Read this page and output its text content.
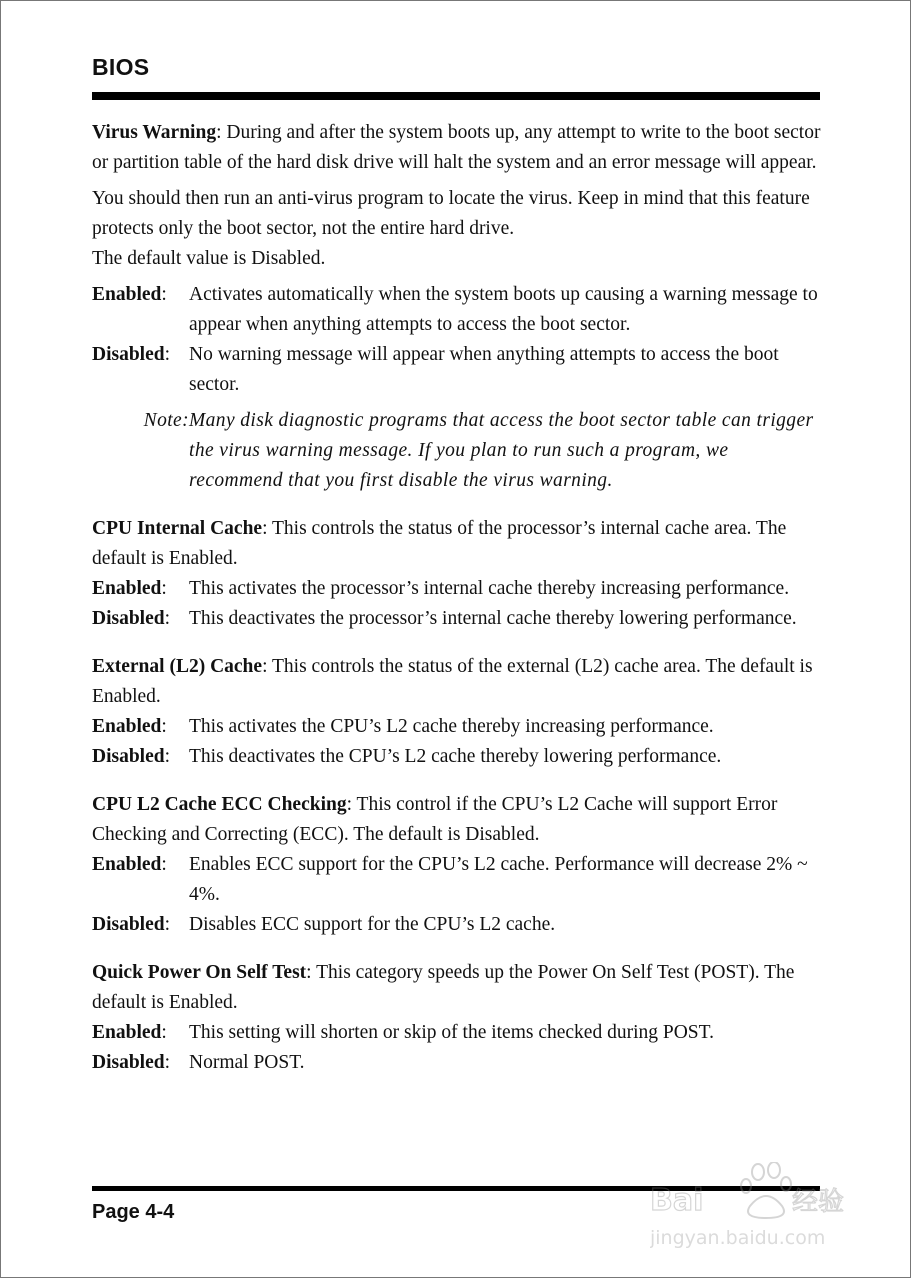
BIOS

Virus Warning: During and after the system boots up, any attempt to write to the boot sector or partition table of the hard disk drive will halt the system and an error message will appear.

You should then run an anti-virus program to locate the virus. Keep in mind that this feature protects only the boot sector, not the entire hard drive.

The default value is Disabled.

Enabled:	Activates automatically when the system boots up causing a warning message to appear when anything attempts to access the boot sector.
Disabled: No warning message will appear when anything attempts to access the boot sector.
Note: Many disk diagnostic programs that access the boot sector table can trigger the virus warning message. If you plan to run such a program, we recommend that you first disable the virus warning.

CPU Internal Cache: This controls the status of the processor’s internal cache area. The default is Enabled.

Enabled:	This activates the processor’s internal cache thereby increasing performance.
Disabled: This deactivates the processor’s internal cache thereby lowering performance.

External (L2) Cache: This controls the status of the external (L2) cache area. The default is Enabled.

Enabled:	This activates the CPU’s L2 cache thereby increasing performance.
Disabled: This deactivates the CPU’s L2 cache thereby lowering performance.

CPU L2 Cache ECC Checking: This control if the CPU’s L2 Cache will support Error Checking and Correcting (ECC). The default is Disabled.

Enabled:	Enables ECC support for the CPU’s L2 cache. Performance will decrease 2% ~ 4%.
Disabled: Disables ECC support for the CPU’s L2 cache.

Quick Power On Self Test: This category speeds up the Power On Self Test (POST). The default is Enabled.

Enabled:	This setting will shorten or skip of the items checked during POST.
Disabled: Normal POST.
Page 4-4	Bai	经验
jingyan.baidu.com
